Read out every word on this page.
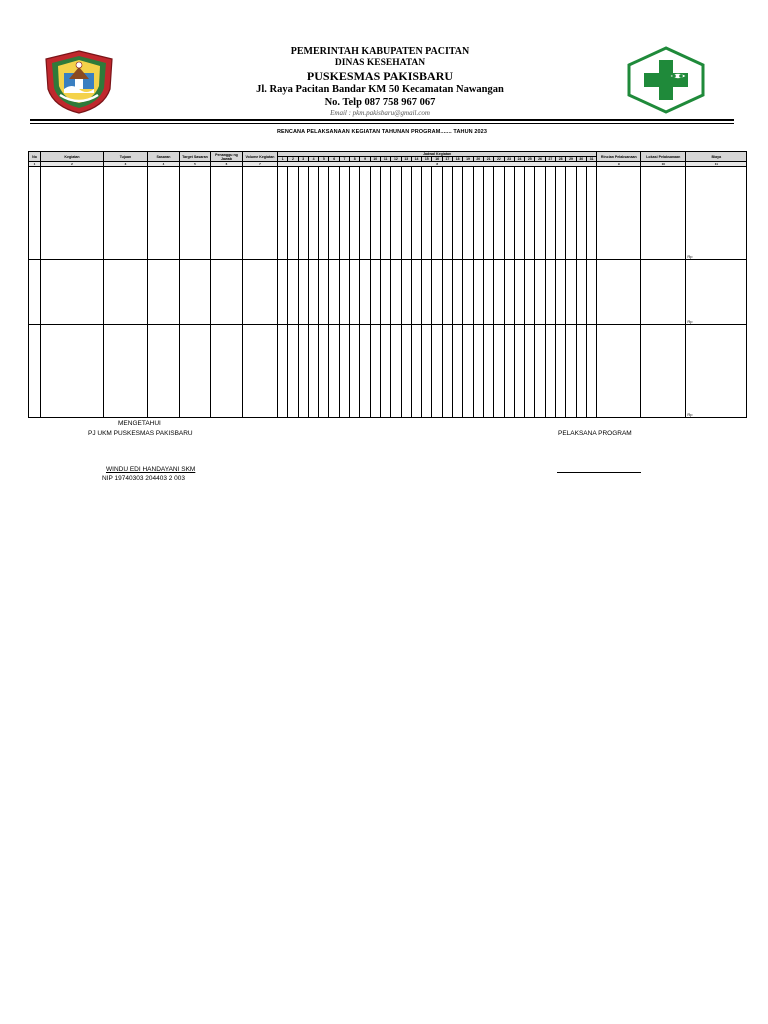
PEMERINTAH KABUPATEN PACITAN
DINAS KESEHATAN
PUSKESMAS PAKISBARU
Jl. Raya Pacitan Bandar KM 50 Kecamatan Nawangan
No. Telp 087 758 967 067
Email : pkm.pakisbaru@gmail.com
RENCANA PELAKSANAAN KEGIATAN TAHUNAN PROGRAM....... TAHUN 2023
No	Kegiatan	Tujuan	Sasaran	Target Sasaran	Penanggu ng Jawab	Volume Kegiatan	Jadwal Kegiatan																															Rincian Pelaksanaan	Lokasi Pelaksanaan	Biaya
							1	2	3	4	5	6	7	8	9	10	11	12	13	14	15	16	17	18	19	20	21	22	23	24	25	26	27	28	29	30	31			
1	2	3	4	5	6	7	8																															9	10	11

																																								Rp

																																								Rp

																																								Rp
MENGETAHUI
PJ UKM PUSKESMAS PAKISBARU
WINDU EDI HANDAYANI SKM
NIP 19740303 204403 2 003
PELAKSANA PROGRAM
